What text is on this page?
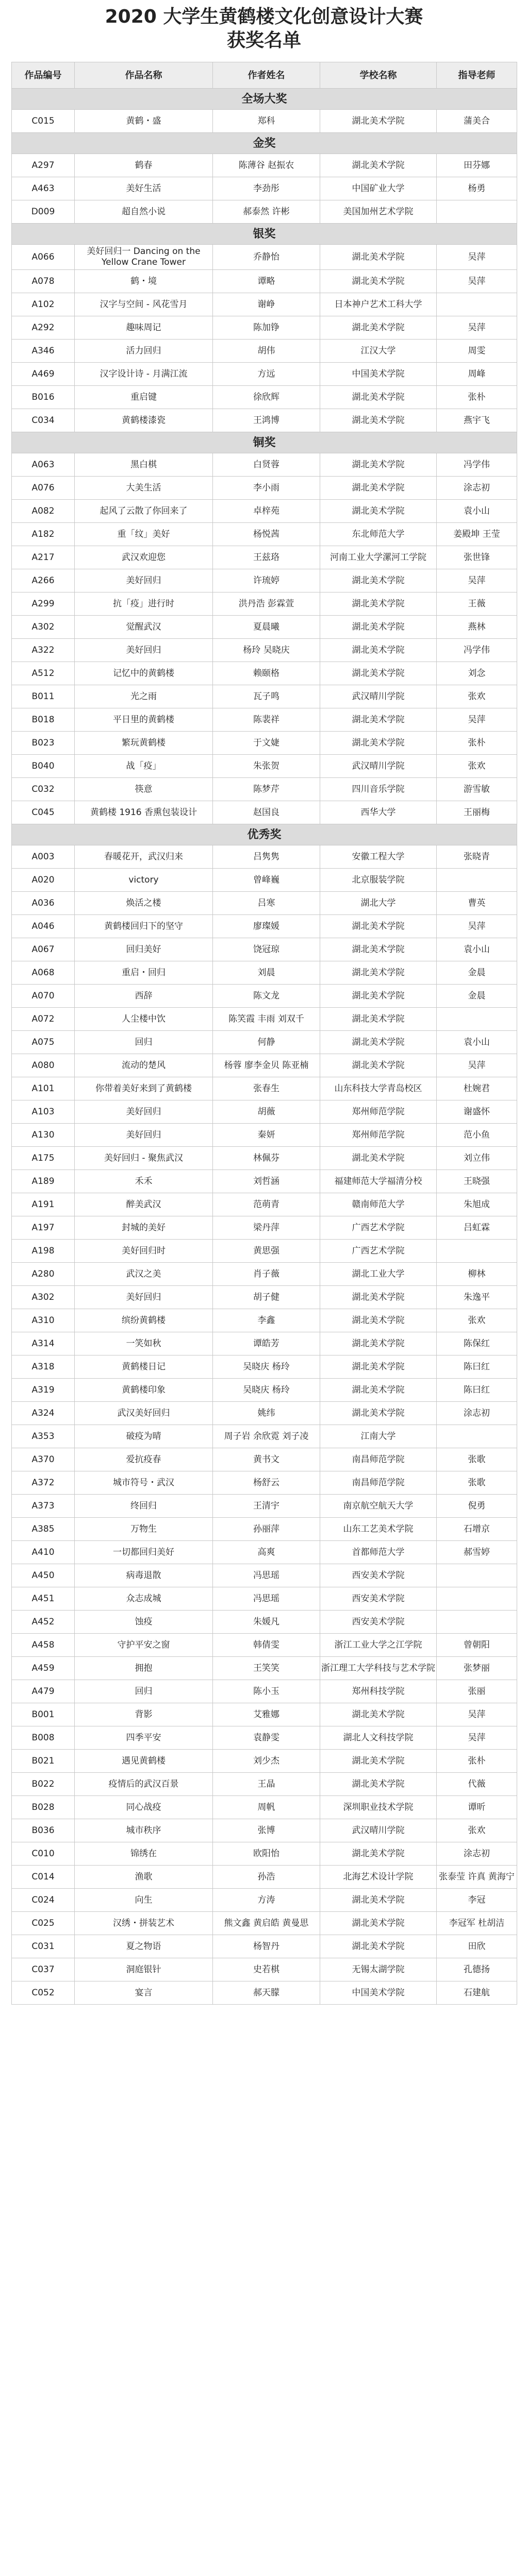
2020 大学生黄鹤楼文化创意设计大赛
获奖名单
作品编号	作品名称	作者姓名	学校名称	指导老师
全场大奖				
C015	黄鹤・盛	郑科	湖北美术学院	蒲美合
金奖				
A297	鹤春	陈薄谷 赵振农	湖北美术学院	田芬娜
A463	美好生活	李劲彤	中国矿业大学	杨勇
D009	超自然小说	郝泰然 许彬	美国加州艺术学院	
银奖				
A066	美好回归一 Dancing on the Yellow Crane Tower	乔静怡	湖北美术学院	吴萍
A078	鹤・境	谭略	湖北美术学院	吴萍
A102	汉字与空间 - 风花雪月	谢峥	日本神户艺术工科大学	
A292	趣味周记	陈加铮	湖北美术学院	吴萍
A346	活力回归	胡伟	江汉大学	周雯
A469	汉字设计诗 - 月满江流	方远	中国美术学院	周峰
B016	重启键	徐欣辉	湖北美术学院	张朴
C034	黄鹤楼漆瓷	王鸿博	湖北美术学院	燕宇飞
铜奖				
A063	黑白棋	白贤蓉	湖北美术学院	冯学伟
A076	大美生活	李小雨	湖北美术学院	涂志初
A082	起风了云散了你回来了	卓梓苑	湖北美术学院	袁小山
A182	重「纹」美好	杨悦茜	东北师范大学	姜殿坤 王莹
A217	武汉欢迎您	王兹珞	河南工业大学漯河工学院	张世锋
A266	美好回归	许琉婷	湖北美术学院	吴萍
A299	抗「疫」进行时	洪丹浩 彭霖萱	湖北美术学院	王薇
A302	觉醒武汉	夏晨曦	湖北美术学院	燕林
A322	美好回归	杨玲 吴晓庆	湖北美术学院	冯学伟
A512	记忆中的黄鹤楼	赖颐格	湖北美术学院	刘念
B011	光之雨	瓦子鸣	武汉晴川学院	张欢
B018	平日里的黄鹤楼	陈裴祥	湖北美术学院	吴萍
B023	繁玩黄鹤楼	于文婕	湖北美术学院	张朴
B040	战「疫」	朱张贺	武汉晴川学院	张欢
C032	筷意	陈梦芹	四川音乐学院	游雪敏
C045	黄鹤楼 1916 香熏包装设计	赵国良	西华大学	王丽梅
优秀奖				
A003	春暖花开，武汉归来	吕隽隽	安徽工程大学	张晓青
A020	victory	曾峰巍	北京服装学院	
A036	焕活之楼	吕寒	湖北大学	曹英
A046	黄鹤楼回归下的坚守	廖璨媛	湖北美术学院	吴萍
A067	回归美好	饶冠琼	湖北美术学院	袁小山
A068	重启・回归	刘晨	湖北美术学院	金晨
A070	西辞	陈文龙	湖北美术学院	金晨
A072	人尘楼中饮	陈笑霞 丰雨 刘双千	湖北美术学院	
A075	回归	何静	湖北美术学院	袁小山
A080	流动的楚风	杨蓉 廖李金贝 陈亚楠	湖北美术学院	吴萍
A101	你带着美好来到了黄鹤楼	张春生	山东科技大学青岛校区	杜婉君
A103	美好回归	胡薇	郑州师范学院	谢盛怀
A130	美好回归	秦妍	郑州师范学院	范小鱼
A175	美好回归 - 聚焦武汉	林佩芬	湖北美术学院	刘立伟
A189	禾禾	刘哲涵	福建师范大学福清分校	王晓强
A191	醉美武汉	范萌青	赣南师范大学	朱旭成
A197	封城的美好	梁丹萍	广西艺术学院	吕虹霖
A198	美好回归时	黄思强	广西艺术学院	
A280	武汉之美	肖子薇	湖北工业大学	柳林
A302	美好回归	胡子健	湖北美术学院	朱逸平
A310	缤纷黄鹤楼	李鑫	湖北美术学院	张欢
A314	一笑如秋	谭皓芳	湖北美术学院	陈保红
A318	黄鹤楼日记	吴晓庆 杨玲	湖北美术学院	陈曰红
A319	黄鹤楼印象	吴晓庆 杨玲	湖北美术学院	陈曰红
A324	武汉美好回归	姚纬	湖北美术学院	涂志初
A353	破疫为晴	周子岩 余欣霓 刘子凌	江南大学	
A370	爱抗疫春	黄书文	南昌师范学院	张歌
A372	城市符号・武汉	杨舒云	南昌师范学院	张歌
A373	终回归	王清宇	南京航空航天大学	倪勇
A385	万物生	孙丽萍	山东工艺美术学院	石增京
A410	一切都回归美好	高爽	首都师范大学	郝雪婷
A450	病毒退散	冯思瑶	西安美术学院	
A451	众志成城	冯思瑶	西安美术学院	
A452	蚀疫	朱媛凡	西安美术学院	
A458	守护平安之窗	韩倩雯	浙江工业大学之江学院	曾朝阳
A459	拥抱	王笑笑	浙江理工大学科技与艺术学院	张梦丽
A479	回归	陈小玉	郑州科技学院	张丽
B001	背影	艾雅娜	湖北美术学院	吴萍
B008	四季平安	袁静雯	湖北人文科技学院	吴萍
B021	遇见黄鹤楼	刘少杰	湖北美术学院	张朴
B022	疫情后的武汉百景	王晶	湖北美术学院	代薇
B028	同心战疫	周帆	深圳职业技术学院	谭昕
B036	城市秩序	张博	武汉晴川学院	张欢
C010	锦绣在	欧阳怡	湖北美术学院	涂志初
C014	渔歌	孙浩	北海艺术设计学院	张泰莹 许真 黄海宁
C024	向生	方涛	湖北美术学院	李冠
C025	汉绣・拼装艺术	熊文鑫 黄启皓 黄曼思	湖北美术学院	李冠军 杜胡洁
C031	夏之物语	杨智丹	湖北美术学院	田欣
C037	洞庭银针	史若棋	无锡太湖学院	孔德扬
C052	宴言	郝天朦	中国美术学院	石建航
